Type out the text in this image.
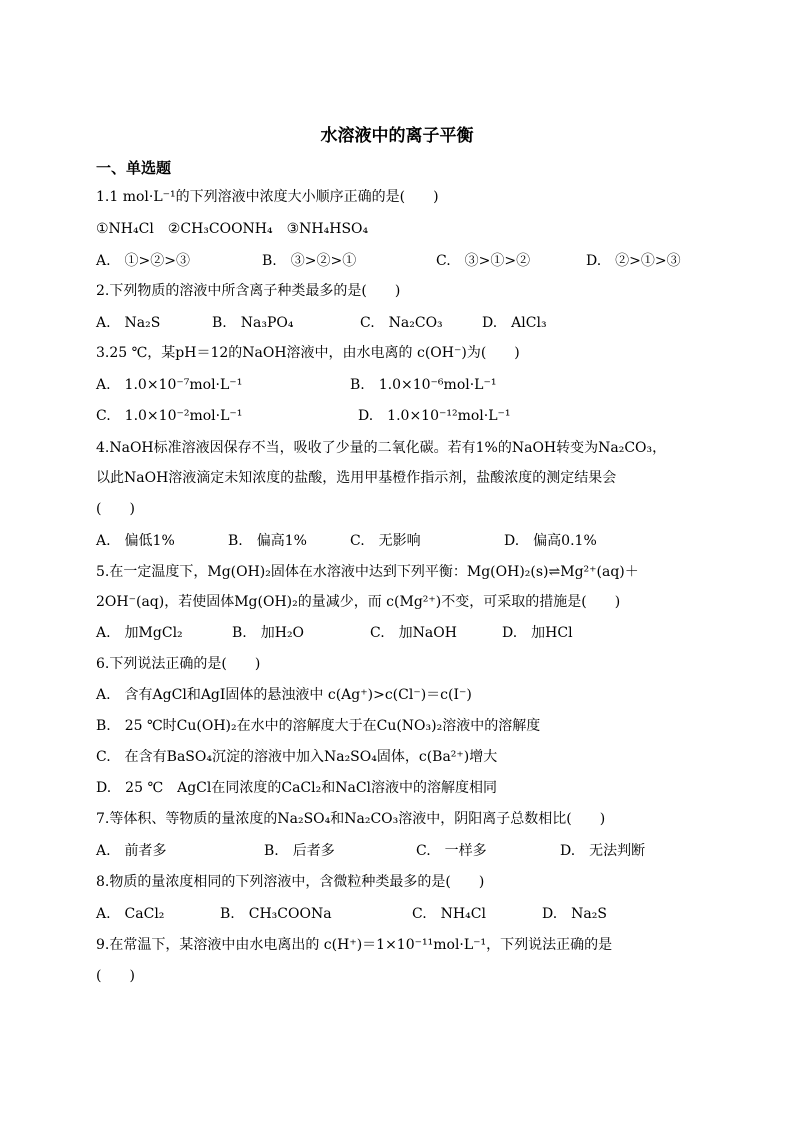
水溶液中的离子平衡
一、单选题
1.1 mol·L⁻¹的下列溶液中浓度大小顺序正确的是(　　)
①NH₄Cl　②CH₃COONH₄　③NH₄HSO₄
A.　①>②>③	B.　③>②>①	C.　③>①>②	D.　②>①>③
2.下列物质的溶液中所含离子种类最多的是(　　)
A.　Na₂S	B.　Na₃PO₄	C.　Na₂CO₃	D.　AlCl₃
3.25 ℃，某pH＝12的NaOH溶液中，由水电离的 c(OH⁻)为(　　)
A.　1.0×10⁻⁷mol·L⁻¹	B.　1.0×10⁻⁶mol·L⁻¹
C.　1.0×10⁻²mol·L⁻¹	D.　1.0×10⁻¹²mol·L⁻¹
4.NaOH标准溶液因保存不当，吸收了少量的二氧化碳。若有1%的NaOH转变为Na₂CO₃，
以此NaOH溶液滴定未知浓度的盐酸，选用甲基橙作指示剂，盐酸浓度的测定结果会
(　　)
A.　偏低1%	B.　偏高1%	C.　无影响	D.　偏高0.1%
5.在一定温度下，Mg(OH)₂固体在水溶液中达到下列平衡：Mg(OH)₂(s)⇌Mg²⁺(aq)＋
2OH⁻(aq)，若使固体Mg(OH)₂的量减少，而 c(Mg²⁺)不变，可采取的措施是(　　)
A.　加MgCl₂	B.　加H₂O	C.　加NaOH	D.　加HCl
6.下列说法正确的是(　　)
A.　含有AgCl和AgI固体的悬浊液中 c(Ag⁺)>c(Cl⁻)＝c(I⁻)
B.　25 ℃时Cu(OH)₂在水中的溶解度大于在Cu(NO₃)₂溶液中的溶解度
C.　在含有BaSO₄沉淀的溶液中加入Na₂SO₄固体，c(Ba²⁺)增大
D.　25 ℃　AgCl在同浓度的CaCl₂和NaCl溶液中的溶解度相同
7.等体积、等物质的量浓度的Na₂SO₄和Na₂CO₃溶液中，阴阳离子总数相比(　　)
A.　前者多	B.　后者多	C.　一样多	D.　无法判断
8.物质的量浓度相同的下列溶液中，含微粒种类最多的是(　　)
A.　CaCl₂	B.　CH₃COONa	C.　NH₄Cl	D.　Na₂S
9.在常温下，某溶液中由水电离出的 c(H⁺)＝1×10⁻¹¹mol·L⁻¹，下列说法正确的是
(　　)
